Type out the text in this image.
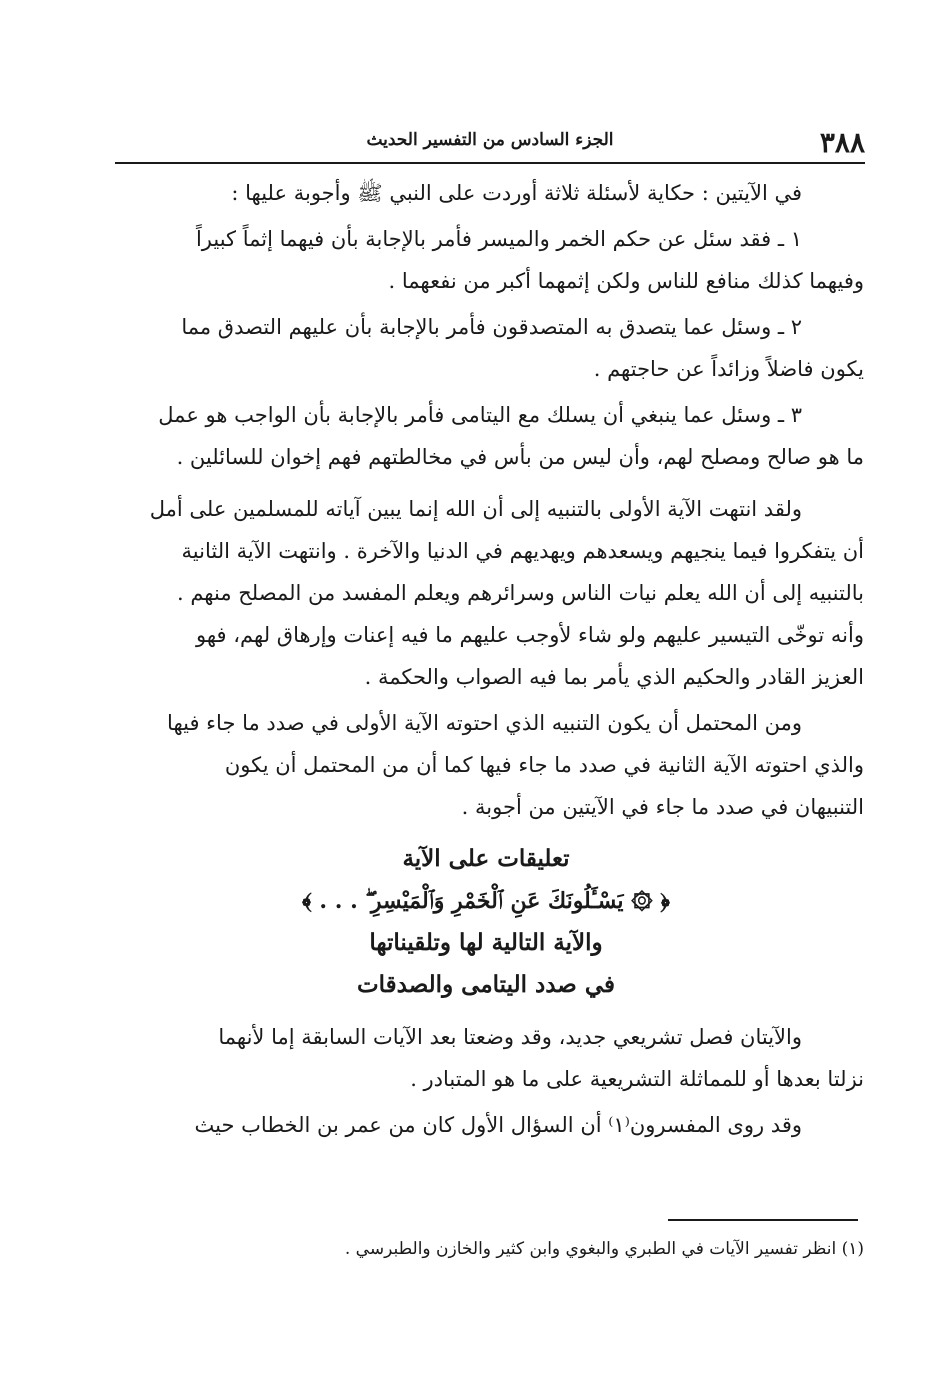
٣٨٨
الجزء السادس من التفسير الحديث
في الآيتين : حكاية لأسئلة ثلاثة أوردت على النبي ﷺ وأجوبة عليها :
١ ـ فقد سئل عن حكم الخمر والميسر فأمر بالإجابة بأن فيهما إثماً كبيراً
وفيهما كذلك منافع للناس ولكن إثمهما أكبر من نفعهما .
٢ ـ وسئل عما يتصدق به المتصدقون فأمر بالإجابة بأن عليهم التصدق مما
يكون فاضلاً وزائداً عن حاجتهم .
٣ ـ وسئل عما ينبغي أن يسلك مع اليتامى فأمر بالإجابة بأن الواجب هو عمل
ما هو صالح ومصلح لهم، وأن ليس من بأس في مخالطتهم فهم إخوان للسائلين .
ولقد انتهت الآية الأولى بالتنبيه إلى أن الله إنما يبين آياته للمسلمين على أمل
أن يتفكروا فيما ينجيهم ويسعدهم ويهديهم في الدنيا والآخرة . وانتهت الآية الثانية
بالتنبيه إلى أن الله يعلم نيات الناس وسرائرهم ويعلم المفسد من المصلح منهم .
وأنه توخّى التيسير عليهم ولو شاء لأوجب عليهم ما فيه إعنات وإرهاق لهم، فهو
العزيز القادر والحكيم الذي يأمر بما فيه الصواب والحكمة .
ومن المحتمل أن يكون التنبيه الذي احتوته الآية الأولى في صدد ما جاء فيها
والذي احتوته الآية الثانية في صدد ما جاء فيها كما أن من المحتمل أن يكون
التنبيهان في صدد ما جاء في الآيتين من أجوبة .
تعليقات على الآية
﴿ ۞ يَسْـَٔلُونَكَ عَنِ ٱلْخَمْرِ وَٱلْمَيْسِرِ ۖ . . . ﴾
والآية التالية لها وتلقيناتها
في صدد اليتامى والصدقات
والآيتان فصل تشريعي جديد، وقد وضعتا بعد الآيات السابقة إما لأنهما
نزلتا بعدها أو للمماثلة التشريعية على ما هو المتبادر .
وقد روى المفسرون⁽١⁾ أن السؤال الأول كان من عمر بن الخطاب حيث
(١) انظر تفسير الآيات في الطبري والبغوي وابن كثير والخازن والطبرسي .
